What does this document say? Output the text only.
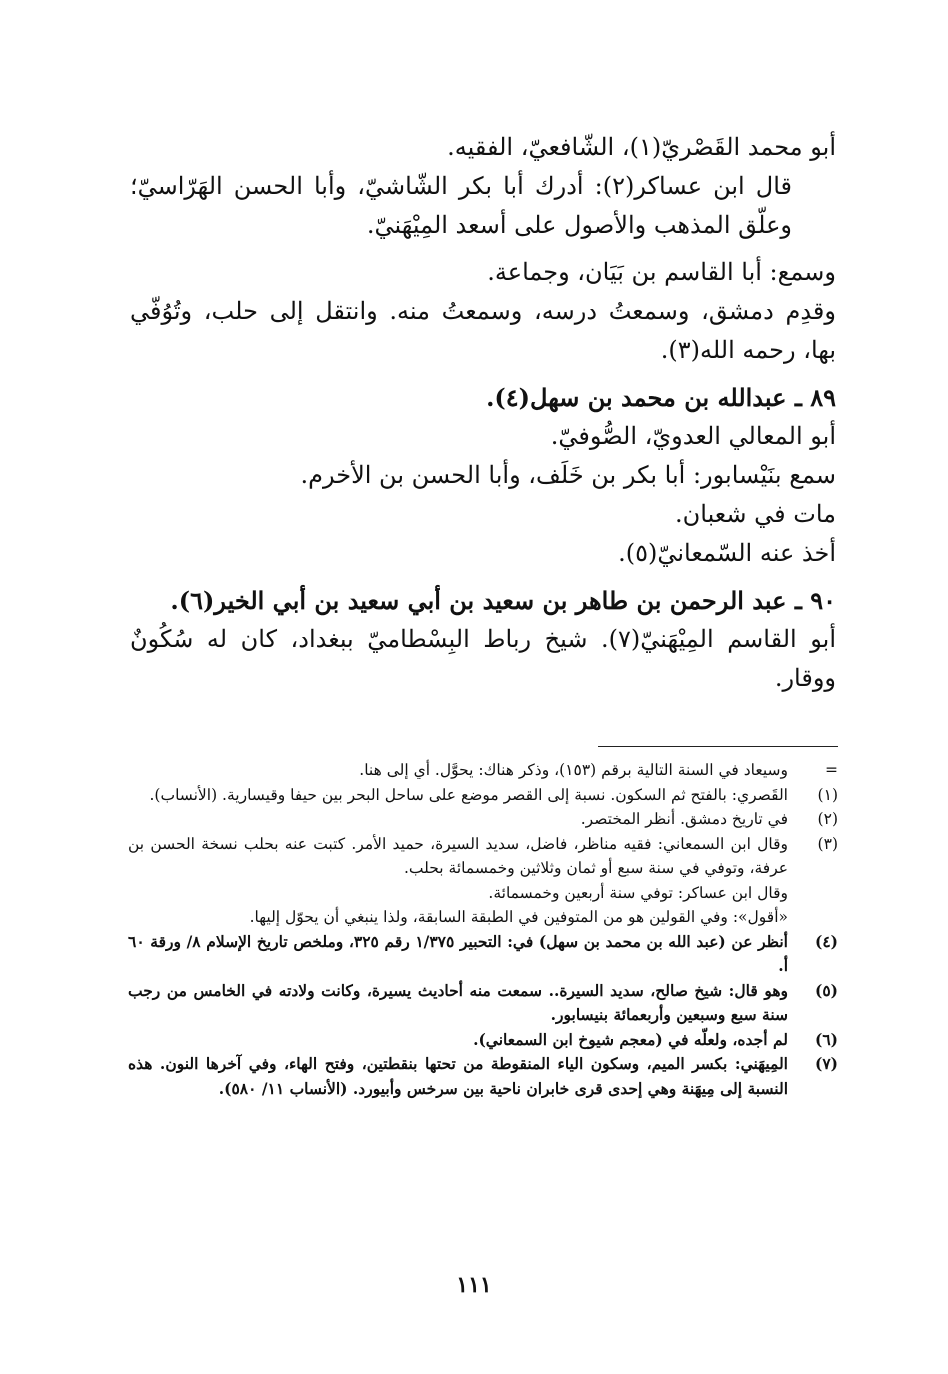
أبو محمد القَصْريّ(١)، الشّافعيّ، الفقيه.

قال ابن عساكر(٢): أدرك أبا بكر الشّاشيّ، وأبا الحسن الهَرّاسيّ؛ وعلّق المذهب والأصول على أسعد المِيْهَنيّ.

وسمع: أبا القاسم بن بَيَان، وجماعة.

وقدِم دمشق، وسمعتُ درسه، وسمعتُ منه. وانتقل إلى حلب، وتُوُفّي بها، رحمه الله(٣).

٨٩ ـ عبدالله بن محمد بن سهل(٤).

أبو المعالي العدويّ، الصُّوفيّ.

سمع بنَيْسابور: أبا بكر بن خَلَف، وأبا الحسن بن الأخرم.

مات في شعبان.

أخذ عنه السّمعانيّ(٥).

٩٠ ـ عبد الرحمن بن طاهر بن سعيد بن أبي سعيد بن أبي الخير(٦).

أبو القاسم المِيْهَنيّ(٧). شيخ رباط البِسْطاميّ ببغداد، كان له سُكُونٌ ووقار.

=
وسيعاد في السنة التالية برقم (١٥٣)، وذكر هناك: يحوَّل. أي إلى هنا.
(١)
القَصري: بالفتح ثم السكون. نسبة إلى القصر موضع على ساحل البحر بين حيفا وقيسارية. (الأنساب).
(٢)
في تاريخ دمشق. أنظر المختصر.
(٣)
وقال ابن السمعاني: فقيه مناظر، فاضل، سديد السيرة، حميد الأمر. كتبت عنه بحلب نسخة الحسن بن عرفة، وتوفي في سنة سبع أو ثمان وثلاثين وخمسمائة بحلب.
وقال ابن عساكر: توفي سنة أربعين وخمسمائة.
«أقول»: وفي القولين هو من المتوفين في الطبقة السابقة، ولذا ينبغي أن يحوّل إليها.
(٤)
أنظر عن (عبد الله بن محمد بن سهل) في: التحبير ١/٣٧٥ رقم ٣٢٥، وملخص تاريخ الإسلام ٨/ ورقة ٦٠ أ.
(٥)
وهو قال: شيخ صالح، سديد السيرة.. سمعت منه أحاديث يسيرة، وكانت ولادته في الخامس من رجب سنة سبع وسبعين وأربعمائة بنيسابور.
(٦)
لم أجده، ولعلّه في (معجم شيوخ ابن السمعاني).
(٧)
المِيهَني: بكسر الميم، وسكون الياء المنقوطة من تحتها بنقطتين، وفتح الهاء، وفي آخرها النون. هذه النسبة إلى مِيهَنة وهي إحدى قرى خابران ناحية بين سرخس وأبيورد. (الأنساب ١١/ ٥٨٠).
١١١
